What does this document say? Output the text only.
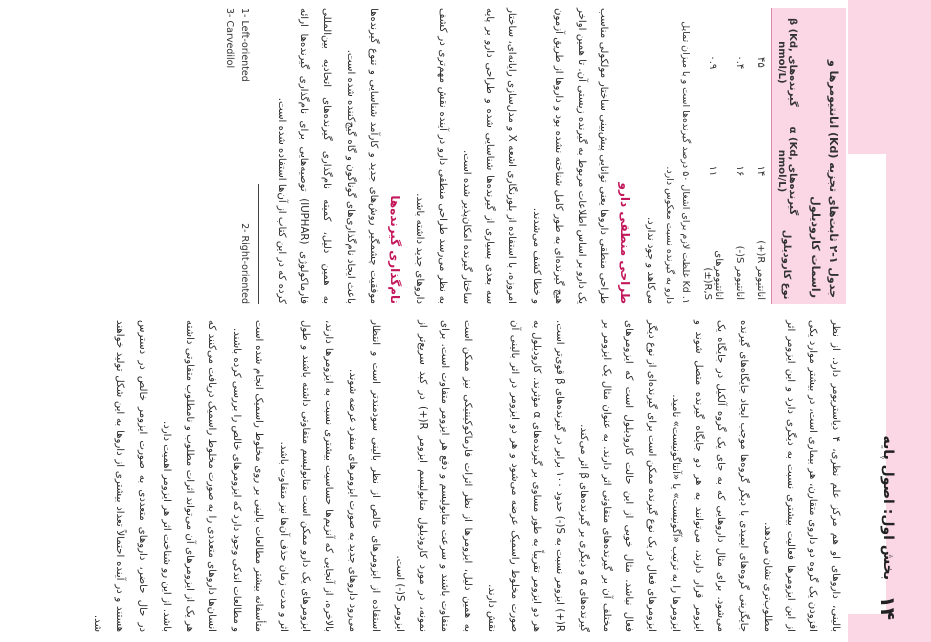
۱۴
بخش اول: اصول پایه

بالینی، داروهای او هم مرکز علم نظری، ۴ دیاستریومر دارد. از نظر افزودن یک گروه دو داروی متقارن، هر بیماری است، در بیشتر موارد یکی از این ایزومرها فعالیت بیشتری نسبت به دیگری دارد و این ایزومر اثر مطلوب‌تری نشان می‌دهد.

جایگزینی گروه‌های ایمیدی با دیگر گروه‌ها موجب ایجاد جایگاه‌های گیرنده می‌شود. برای مثال داروهایی که به جای یک گروه آلکیل در جایگاه یک ایزومر قرار دارند، می‌توانند به هر دو جایگاه گیرنده متصل شوند و ایزومرها را به ترتیب «آگونیست» یا «آنتاگونیست» نامید.

ایزومرهای فعال در یک نوع گیرنده ممکن است برای گیرنده‌ای از نوع دیگر فعال نباشد. مثال خوبی از این حالت کارودیلول است که ایزومرهای مختلف آن بر گیرنده‌های متفاوتی اثر دارند. به عنوان مثال یک ایزومر بر گیرنده‌های α و دیگری بر گیرنده‌های β اثر می‌کند.

R(+) ایزومر نسبت به S(-) حدود ۱۰۰ برابر در گیرنده‌های β قوی‌تر است. هر دو ایزومر تقریباً به طور مساوی بر گیرنده‌های α مؤثرند. کارودیلول به صورت مخلوط راسمیک عرضه می‌شود و هر دو ایزومر در اثر بالینی آن نقش دارند.

به همین دلیل، ایزومرها از نظر اثرات فارماکوکینتیکی نیز ممکن است متفاوت باشند و سرعت متابولیسم و دفع هر ایزومر متفاوت است. برای نمونه، در مورد کارودیلول متابولیسم ایزومر R(+) در کبد سریع‌تر از ایزومر S(-) است.

استفاده از ایزومرهای خالص از نظر بالینی سودمندتر است و انتظار می‌رود داروهای جدید به صورت ایزومرهای منفرد عرضه شوند.

بالاخره، از آنجایی که آنزیم‌ها حساسیت بیشتری نسبت به ایزومرها دارند، ایزومرهای یک دارو ممکن است متابولیسم متفاوتی داشته باشند و طول اثر و مدت زمان حذف آن‌ها نیز متفاوت باشد.

متأسفانه بیشتر مطالعات بالینی بر روی مخلوط راسمیک انجام شده است و مطالعات اندکی وجود دارد که ایزومرهای خالص را بررسی کرده باشند.

انسان‌ها داروهای متعددی را به صورت مخلوط راسمیک دریافت می‌کنند که هر یک از ایزومرهای آن می‌تواند اثرات مطلوب و نامطلوب متفاوتی داشته باشد. از این رو شناخت اثر هر ایزومر اهمیت دارد.

در حال حاضر، داروهای متعددی به صورت ایزومر خالص در دسترس هستند و در آینده احتمالاً تعداد بیشتری از داروها به این شکل تولید خواهند شد.

جدول ۱-۲ ثابت‌های تجزیه (Kd) انانتیومرها و راسمات کارودیلول
نوع کارودیلول	گیرنده‌های α (Kd, nmol/L)	گیرنده‌های β (Kd, nmol/L)
انانتیومر R(+)	۱۴	۴۵
انانتیومر S(-)	۱۶	۰.۴
انانتیومرهای R,S(±)	۱۱	۰.۹

۱. Kd غلظت لازم برای اشغال ۵۰ درصد گیرنده‌ها است و با میزان تمایل دارو به گیرنده نسبت معکوس دارد.

می‌کاهد و جود ندارد.

طراحی منطقی دارو

طراحی منطقی داروها یعنی توانایی پیش‌بینی ساختار مولکولی مناسب یک دارو بر اساس اطلاعات مربوط به گیرنده زیستی آن. تا همین اواخر هیچ گیرنده‌ای به طور کامل شناخته نشده بود و داروها از طریق آزمون و خطا کشف می‌شدند.

امروزه، با استفاده از بلورنگاری اشعه X و مدل‌سازی رایانه‌ای، ساختار سه بعدی بسیاری از گیرنده‌ها شناسایی شده و طراحی دارو بر پایه ساختار گیرنده امکان‌پذیر شده است.

به نظر می‌رسد طراحی منطقی دارو در آینده نقش مهم‌تری در کشف داروهای جدید داشته باشد.

نام‌گذاری گیرنده‌ها

موفقیت چشمگیر روش‌های جدید و کارآمد شناسایی و تنوع گیرنده‌ها باعث ایجاد نام‌گذاری‌های گوناگون و گاه گیج‌کننده شده است.

به همین دلیل، کمیته نام‌گذاری گیرنده‌های اتحادیه بین‌المللی فارماکولوژی (IUPHAR) توصیه‌هایی برای نام‌گذاری گیرنده‌ها ارائه کرده که در این کتاب از آن‌ها استفاده شده است.

1- Left-oriented
3- Carvedilol
2- Right-oriented
